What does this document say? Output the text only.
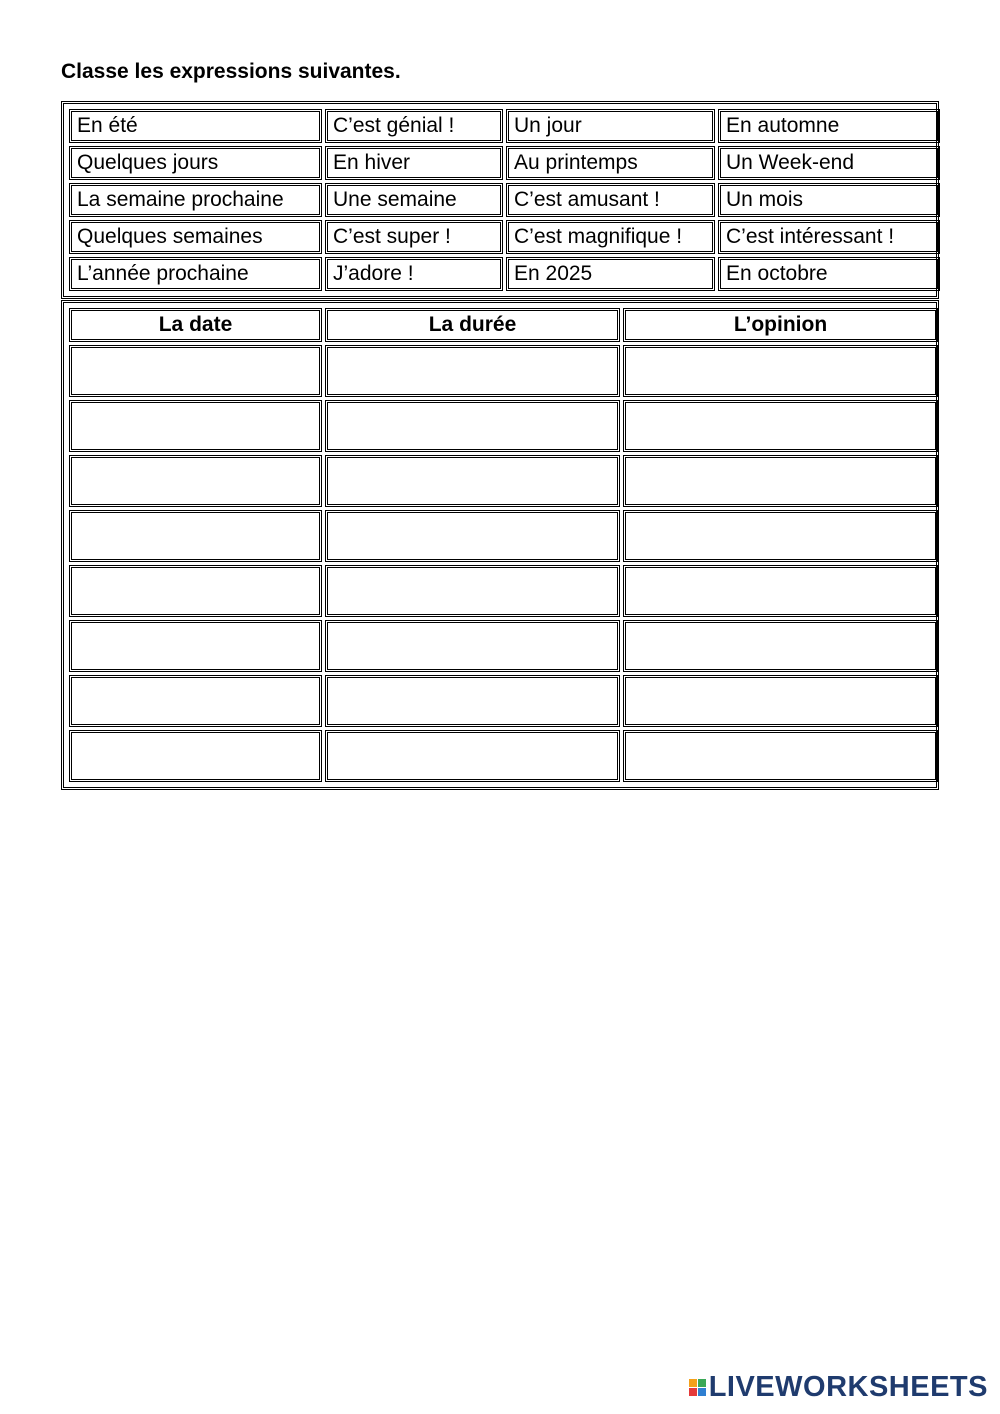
Classe les expressions suivantes.
En été	C’est génial !	Un jour	En automne
Quelques jours	En hiver	Au printemps	Un Week-end
La semaine prochaine	Une semaine	C’est amusant !	Un mois
Quelques semaines	C’est super !	C’est magnifique !	C’est intéressant !
L’année prochaine	J’adore !	En 2025	En octobre
La date	La durée	L’opinion

LIVEWORKSHEETS
